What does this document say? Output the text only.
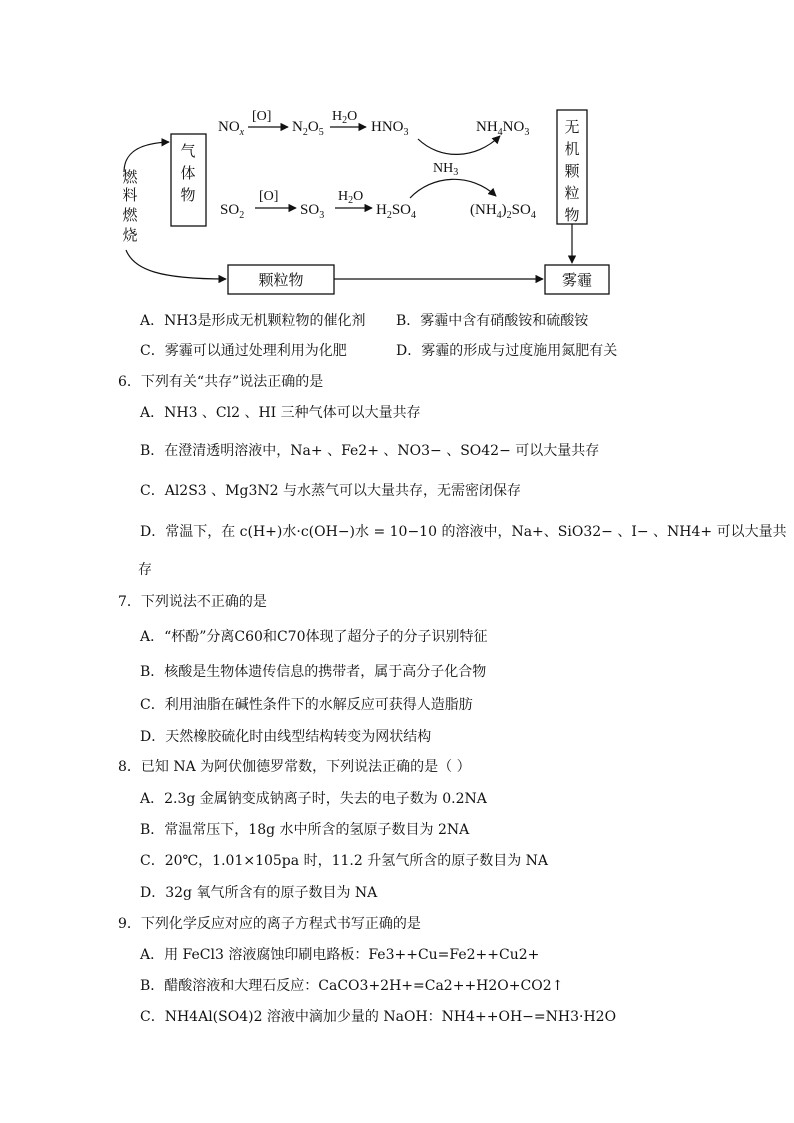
气体物
无机颗粒物
燃料燃烧
颗粒物	雾霾
$NO_x$
[O]
$N_2O_5$
$H_2O$
$HNO_3$	$NH_4NO_3$
$NH_3$
$SO_2$
[O]
$SO_3$
$H_2O$
$H_2SO_4$	$(NH_4)_2SO_4$
A．NH3是形成无机颗粒物的催化剂 B．雾霾中含有硝酸铵和硫酸铵
C．雾霾可以通过处理利用为化肥	D．雾霾的形成与过度施用氮肥有关
6．下列有关“共存”说法正确的是
A．NH3 、Cl2 、HI 三种气体可以大量共存
B．在澄清透明溶液中，Na+ 、Fe2+ 、NO3− 、SO42− 可以大量共存
C．Al2S3 、Mg3N2 与水蒸气可以大量共存，无需密闭保存
D．常温下，在 c(H+)水·c(OH−)水 = 10−10 的溶液中，Na+、SiO32− 、I− 、NH4+ 可以大量共
存
7．下列说法不正确的是
A．“杯酚”分离C60和C70体现了超分子的分子识别特征
B．核酸是生物体遗传信息的携带者，属于高分子化合物
C．利用油脂在碱性条件下的水解反应可获得人造脂肪
D．天然橡胶硫化时由线型结构转变为网状结构
8．已知 NA 为阿伏伽德罗常数，下列说法正确的是（ ）
A．2.3g 金属钠变成钠离子时，失去的电子数为 0.2NA
B．常温常压下，18g 水中所含的氢原子数目为 2NA
C．20℃，1.01×105pa 时，11.2 升氢气所含的原子数目为 NA
D．32g 氧气所含有的原子数目为 NA
9．下列化学反应对应的离子方程式书写正确的是
A．用 FeCl3 溶液腐蚀印刷电路板：Fe3++Cu=Fe2++Cu2+
B．醋酸溶液和大理石反应：CaCO3+2H+=Ca2++H2O+CO2↑
C．NH4Al(SO4)2 溶液中滴加少量的 NaOH：NH4++OH−=NH3·H2O
